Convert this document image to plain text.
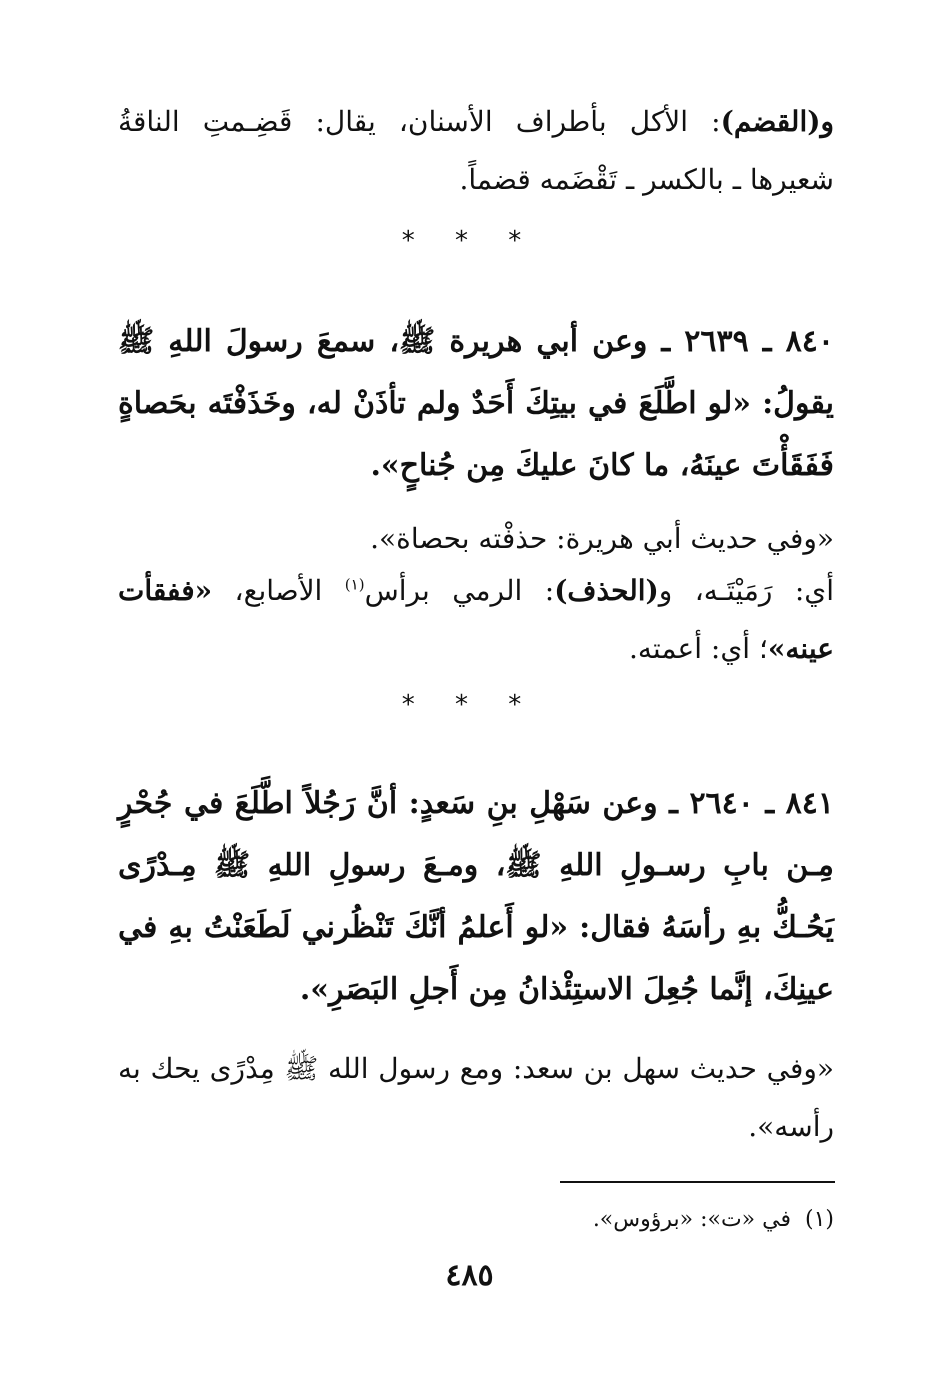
و(القضم): الأكل بأطراف الأسنان، يقال: قَضِـمتِ الناقةُ شعيرها ـ بالكسر ـ تَقْضَمه قضماً.

* * *

٨٤٠ ـ ٢٦٣٩ ـ وعن أبي هريرة ﷺ، سمعَ رسولَ اللهِ ﷺ يقولُ: «لو اطَّلَعَ في بيتِكَ أَحَدٌ ولم تأذَنْ له، وخَذَفْتَه بحَصاةٍ فَفَقَأْتَ عينَهُ، ما كانَ عليكَ مِن جُناحٍ».

«وفي حديث أبي هريرة: حذفْته بحصاة».

أي: رَمَيْتَـه، و(الحذف): الرمي برأس$^{(١)}$ الأصابع، «ففقأت عينه»؛ أي: أعمته.

* * *

٨٤١ ـ ٢٦٤٠ ـ وعن سَهْلِ بنِ سَعدٍ: أنَّ رَجُلاً اطَّلَعَ في جُحْرٍ مِـن بابِ رسـولِ اللهِ ﷺ، ومـعَ رسولِ اللهِ ﷺ مِـدْرًى يَحُـكُّ بهِ رأسَهُ فقال: «لو أَعلمُ أنَّكَ تَنْظُرني لَطَعَنْتُ بهِ في عينِكَ، إنَّما جُعِلَ الاستِئْذانُ مِن أَجلِ البَصَرِ».

«وفي حديث سهل بن سعد: ومع رسول الله ﷺ مِدْرًى يحك به رأسه».

(١)في «ت»: «برؤوس».
٤٨٥
